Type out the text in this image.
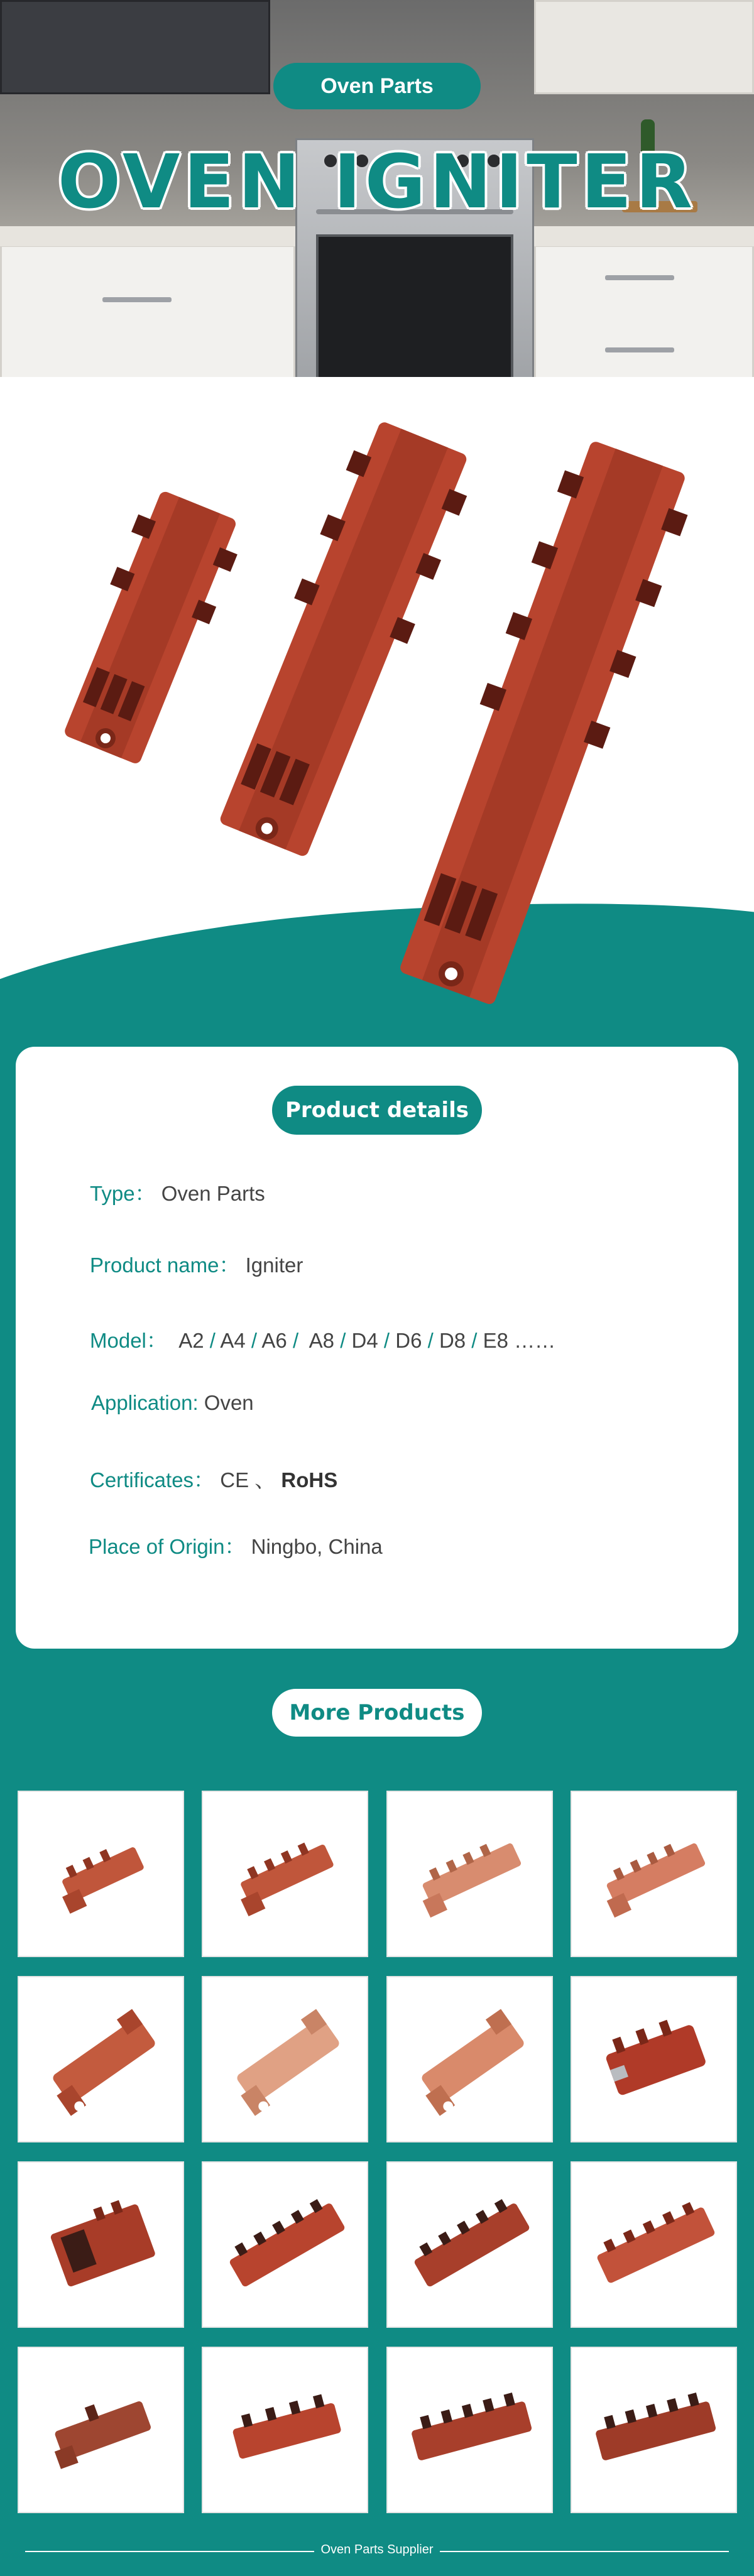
Oven Parts
OVEN IGNITER
Product details
Type： Oven Parts
Product name： Igniter
Model： A2 / A4 / A6 / A8 / D4 / D6 / D8 / E8 ……
Application: Oven
Certificates： CE 、 RoHS
Place of Origin： Ningbo, China
More Products
Oven Parts Supplier
